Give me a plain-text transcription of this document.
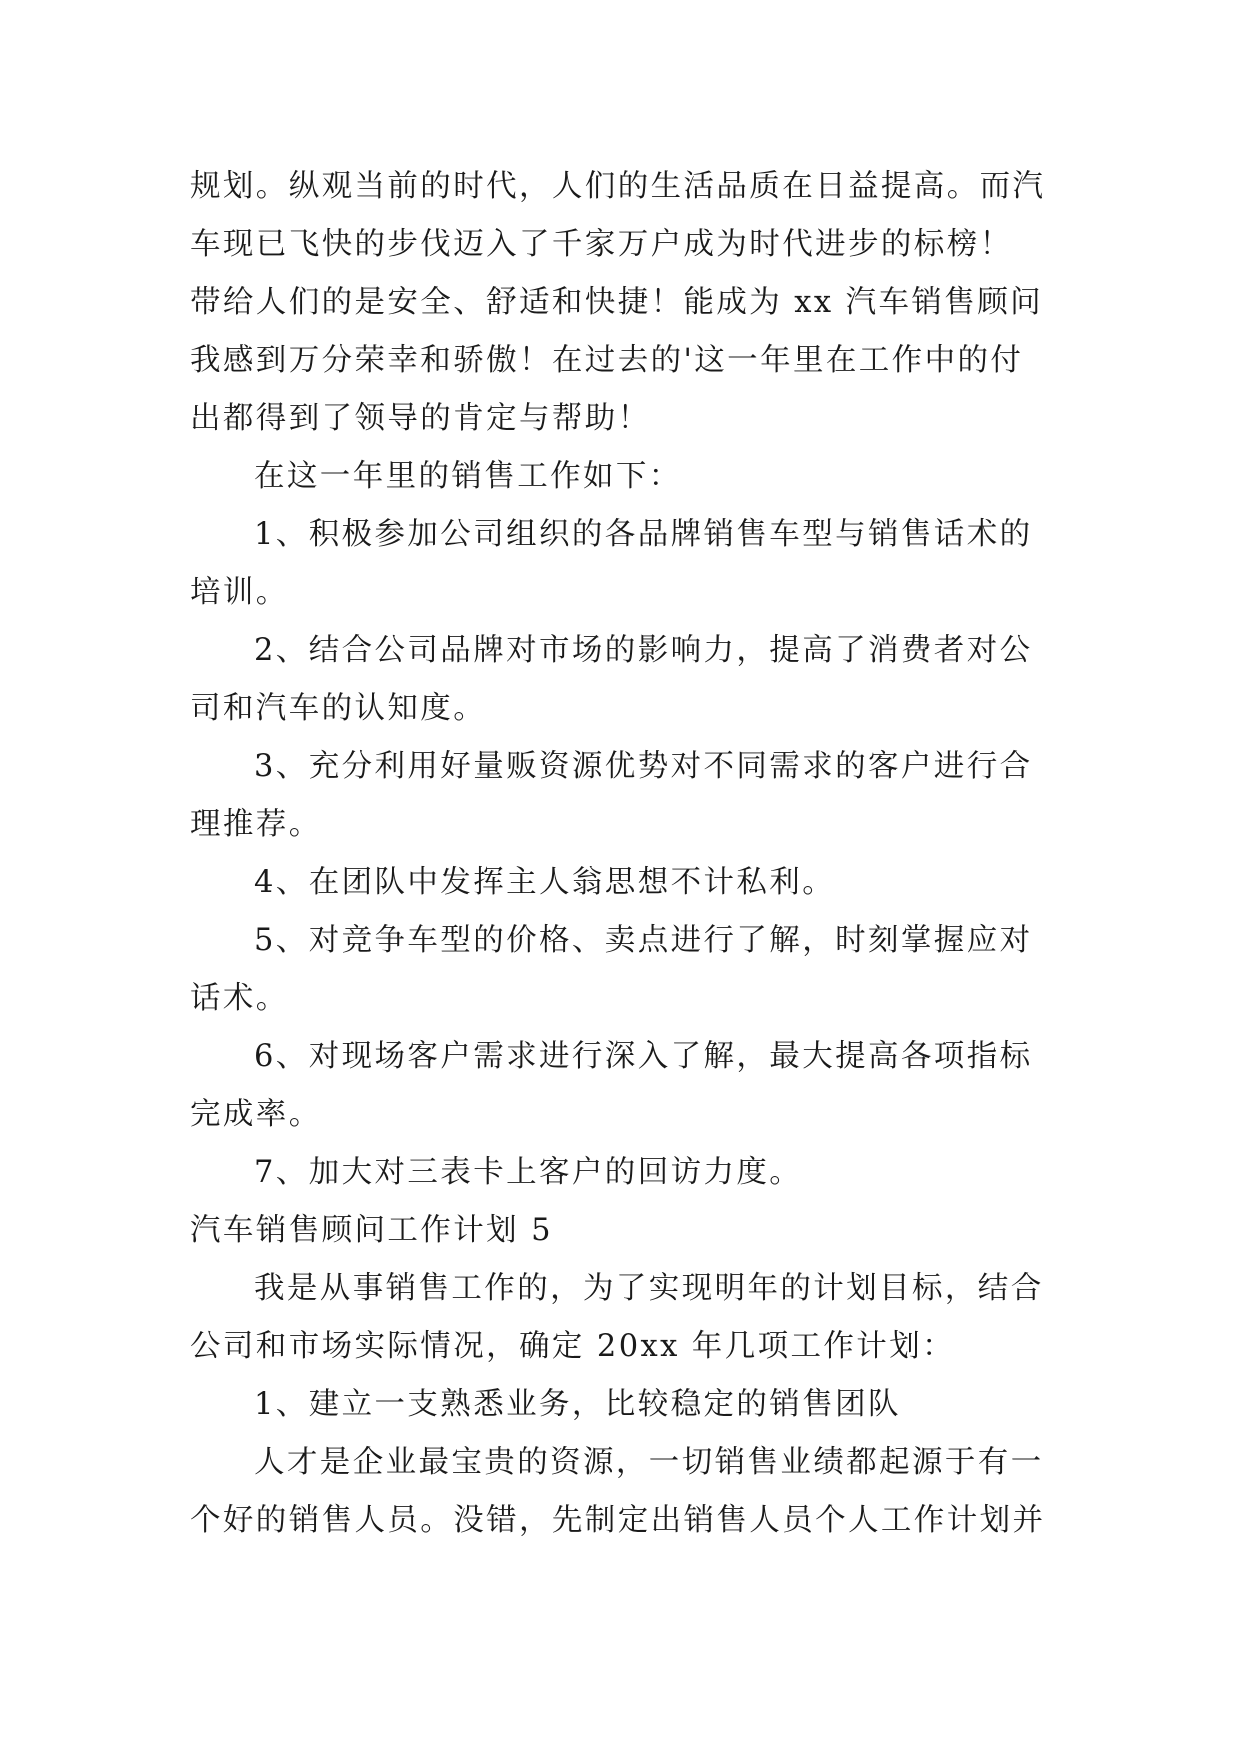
规划。纵观当前的时代，人们的生活品质在日益提高。而汽
车现已飞快的步伐迈入了千家万户成为时代进步的标榜！
带给人们的是安全、舒适和快捷！能成为 xx 汽车销售顾问
我感到万分荣幸和骄傲！在过去的'这一年里在工作中的付
出都得到了领导的肯定与帮助！
在这一年里的销售工作如下：
1、积极参加公司组织的各品牌销售车型与销售话术的
培训。
2、结合公司品牌对市场的影响力，提高了消费者对公
司和汽车的认知度。
3、充分利用好量贩资源优势对不同需求的客户进行合
理推荐。
4、在团队中发挥主人翁思想不计私利。
5、对竞争车型的价格、卖点进行了解，时刻掌握应对
话术。
6、对现场客户需求进行深入了解，最大提高各项指标
完成率。
7、加大对三表卡上客户的回访力度。
汽车销售顾问工作计划 5
我是从事销售工作的，为了实现明年的计划目标，结合
公司和市场实际情况，确定 20xx 年几项工作计划：
1、建立一支熟悉业务，比较稳定的销售团队
人才是企业最宝贵的资源，一切销售业绩都起源于有一
个好的销售人员。没错，先制定出销售人员个人工作计划并
